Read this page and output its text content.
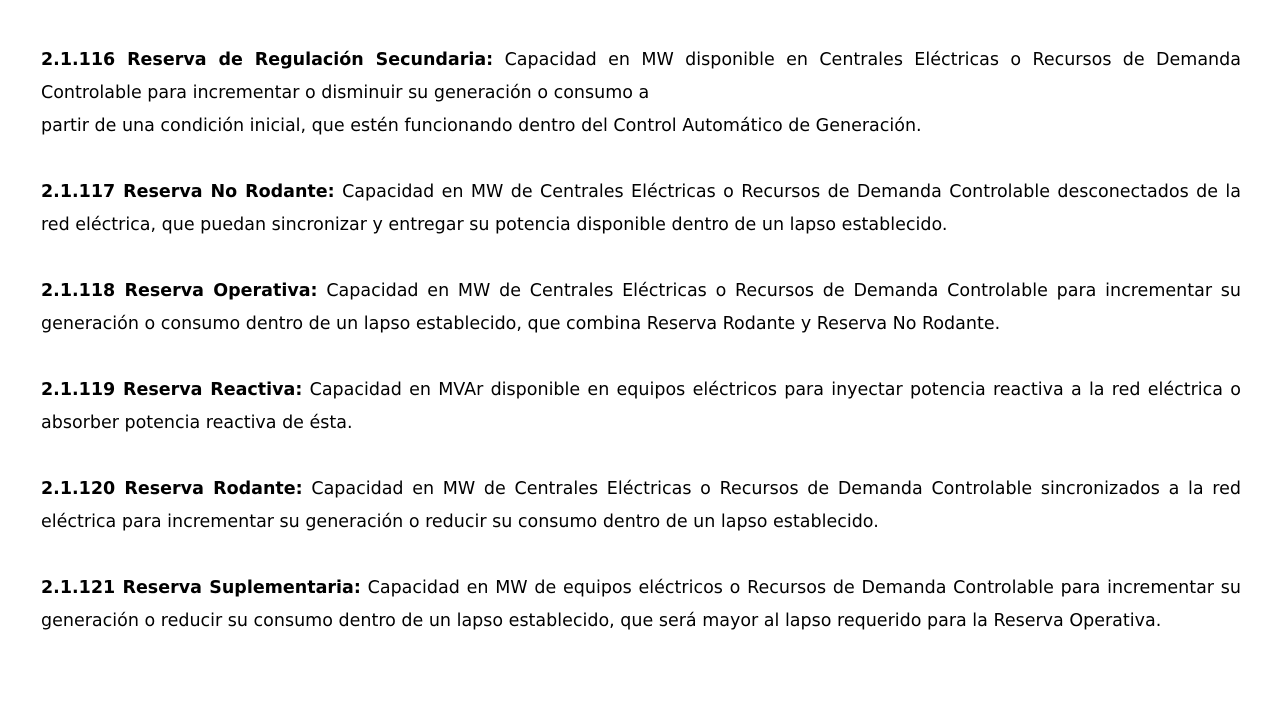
2.1.116 Reserva de Regulación Secundaria: Capacidad en MW disponible en Centrales Eléctricas o Recursos de Demanda Controlable para incrementar o disminuir su generación o consumo a
partir de una condición inicial, que estén funcionando dentro del Control Automático de Generación.

2.1.117 Reserva No Rodante: Capacidad en MW de Centrales Eléctricas o Recursos de Demanda Controlable desconectados de la red eléctrica, que puedan sincronizar y entregar su potencia disponible dentro de un lapso establecido.

2.1.118 Reserva Operativa: Capacidad en MW de Centrales Eléctricas o Recursos de Demanda Controlable para incrementar su generación o consumo dentro de un lapso establecido, que combina Reserva Rodante y Reserva No Rodante.

2.1.119 Reserva Reactiva: Capacidad en MVAr disponible en equipos eléctricos para inyectar potencia reactiva a la red eléctrica o absorber potencia reactiva de ésta.

2.1.120 Reserva Rodante: Capacidad en MW de Centrales Eléctricas o Recursos de Demanda Controlable sincronizados a la red eléctrica para incrementar su generación o reducir su consumo dentro de un lapso establecido.

2.1.121 Reserva Suplementaria: Capacidad en MW de equipos eléctricos o Recursos de Demanda Controlable para incrementar su generación o reducir su consumo dentro de un lapso establecido, que será mayor al lapso requerido para la Reserva Operativa.
